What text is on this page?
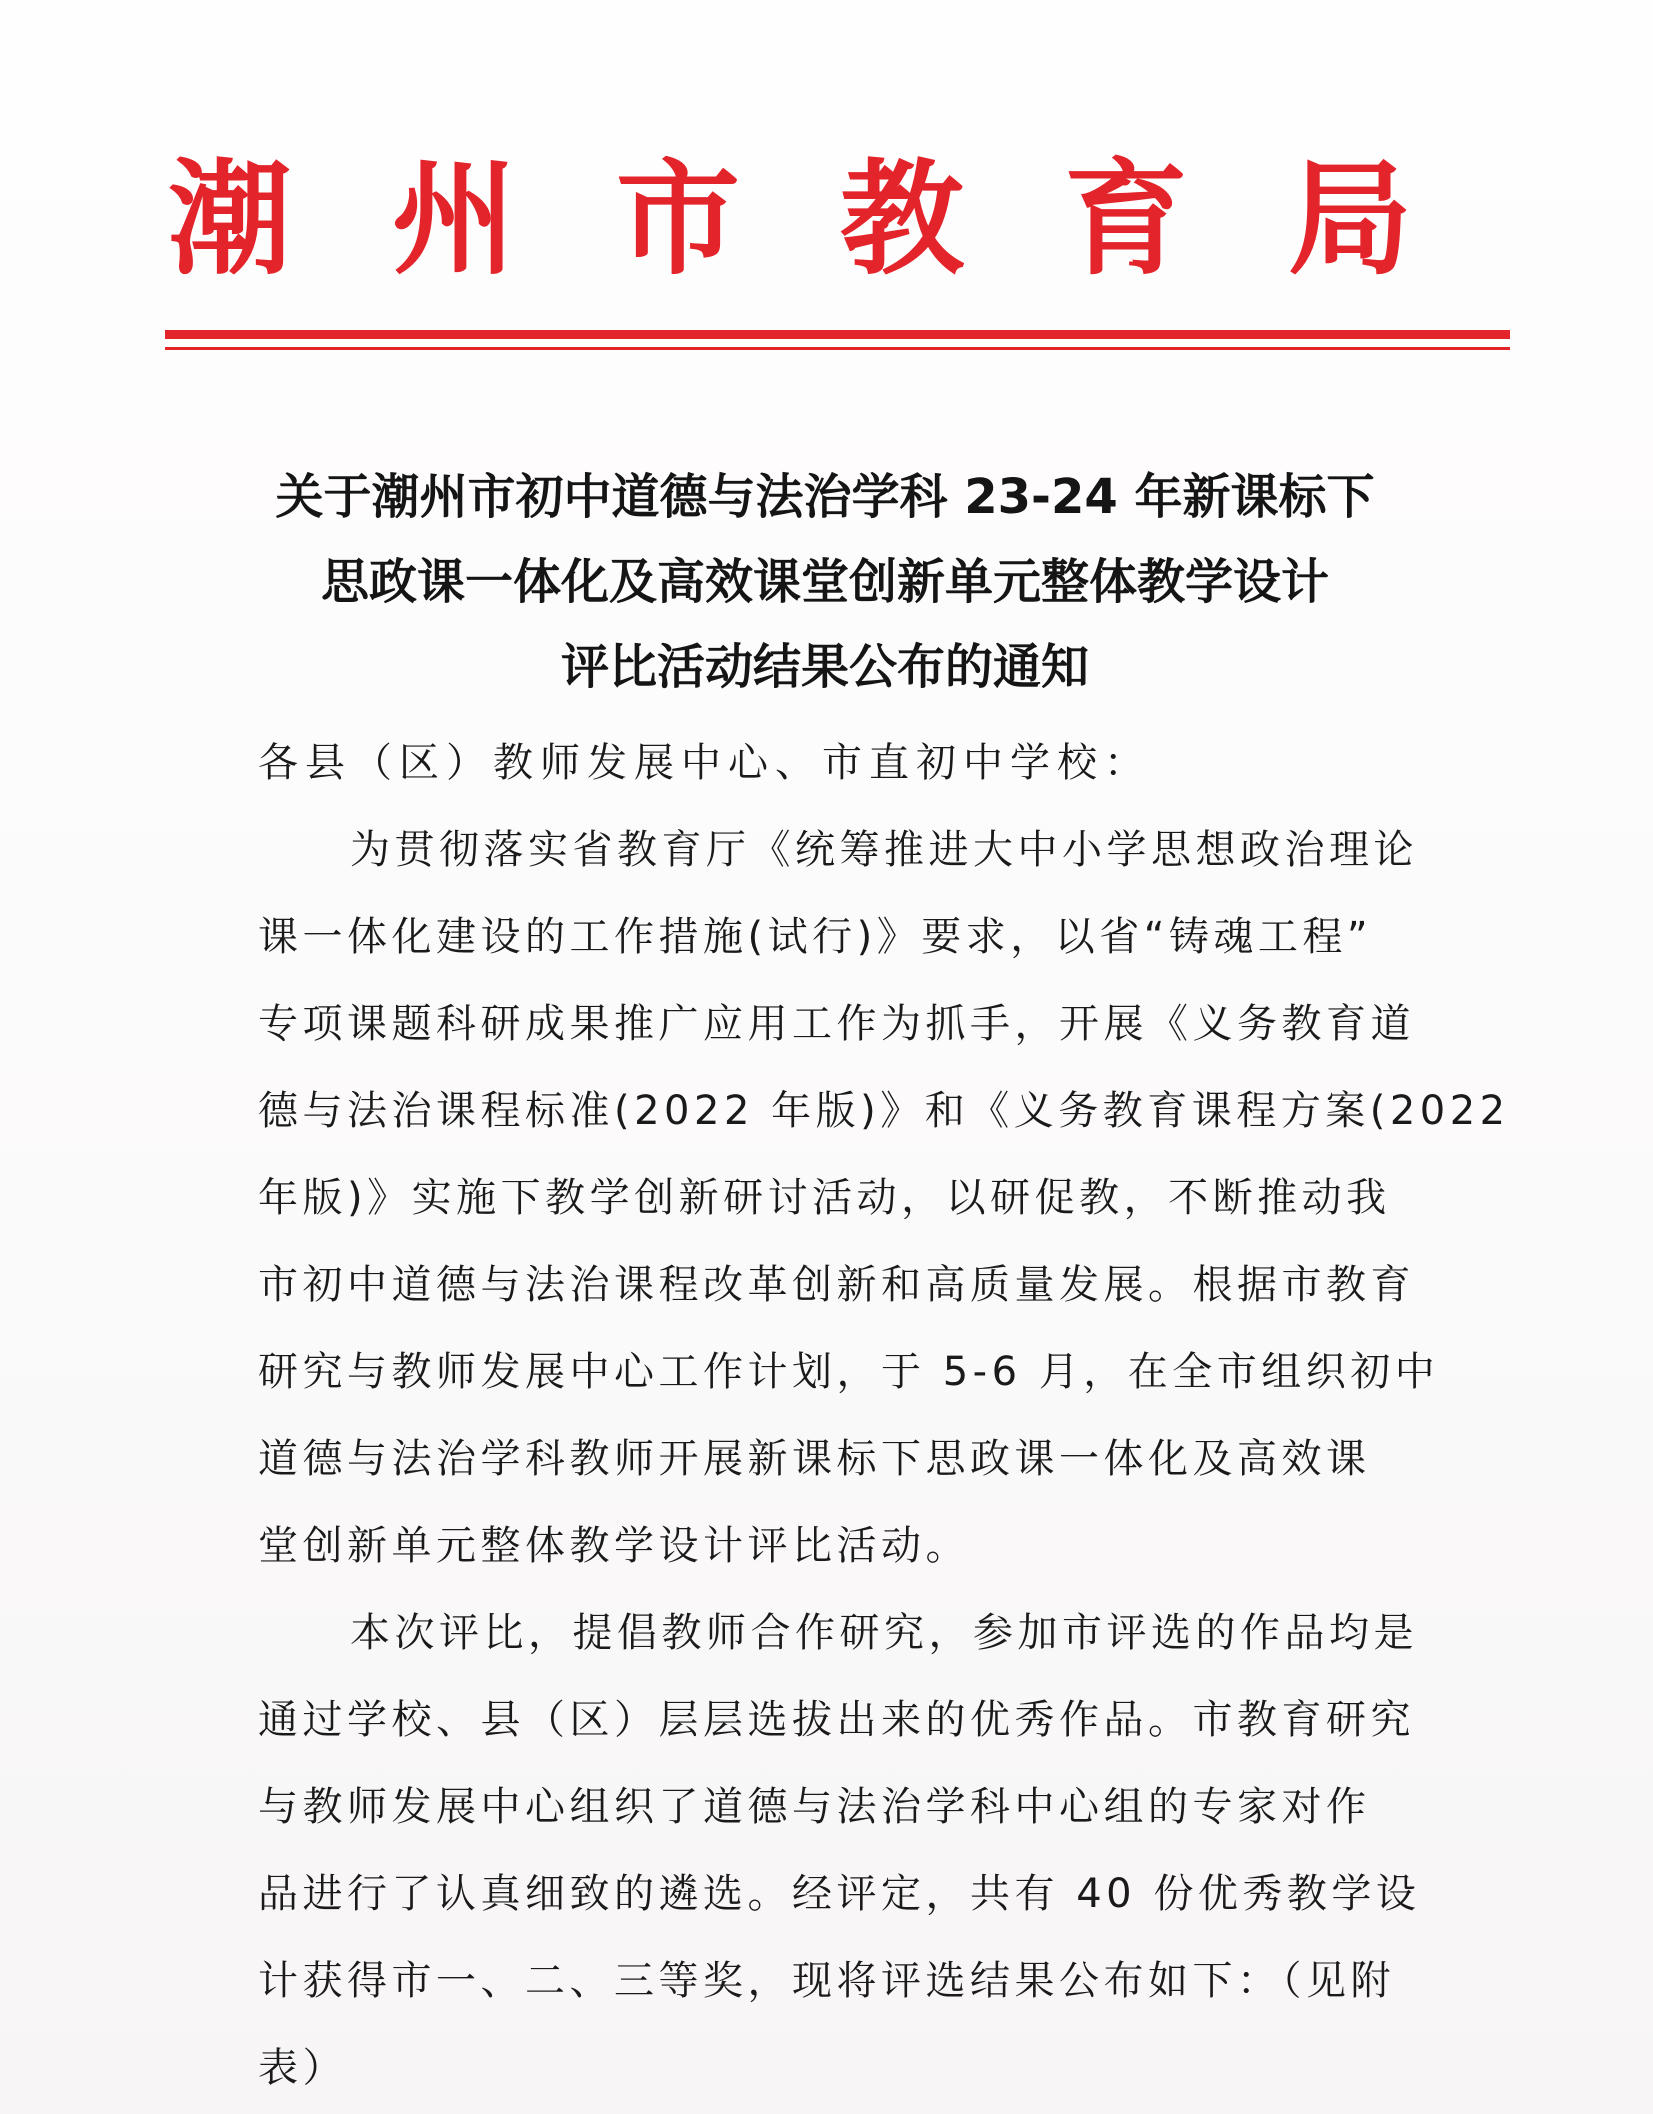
潮 州 市 教 育 局
关于潮州市初中道德与法治学科 23-24 年新课标下
思政课一体化及高效课堂创新单元整体教学设计
评比活动结果公布的通知

各县（区）教师发展中心、市直初中学校：

为贯彻落实省教育厅《统筹推进大中小学思想政治理论
课一体化建设的工作措施(试行)》要求，以省“铸魂工程”
专项课题科研成果推广应用工作为抓手，开展《义务教育道
德与法治课程标准(2022 年版)》和《义务教育课程方案(2022
年版)》实施下教学创新研讨活动，以研促教，不断推动我
市初中道德与法治课程改革创新和高质量发展。根据市教育
研究与教师发展中心工作计划，于 5-6 月，在全市组织初中
道德与法治学科教师开展新课标下思政课一体化及高效课
堂创新单元整体教学设计评比活动。

本次评比，提倡教师合作研究，参加市评选的作品均是
通过学校、县（区）层层选拔出来的优秀作品。市教育研究
与教师发展中心组织了道德与法治学科中心组的专家对作
品进行了认真细致的遴选。经评定，共有 40 份优秀教学设
计获得市一、二、三等奖，现将评选结果公布如下：（见附
表）
